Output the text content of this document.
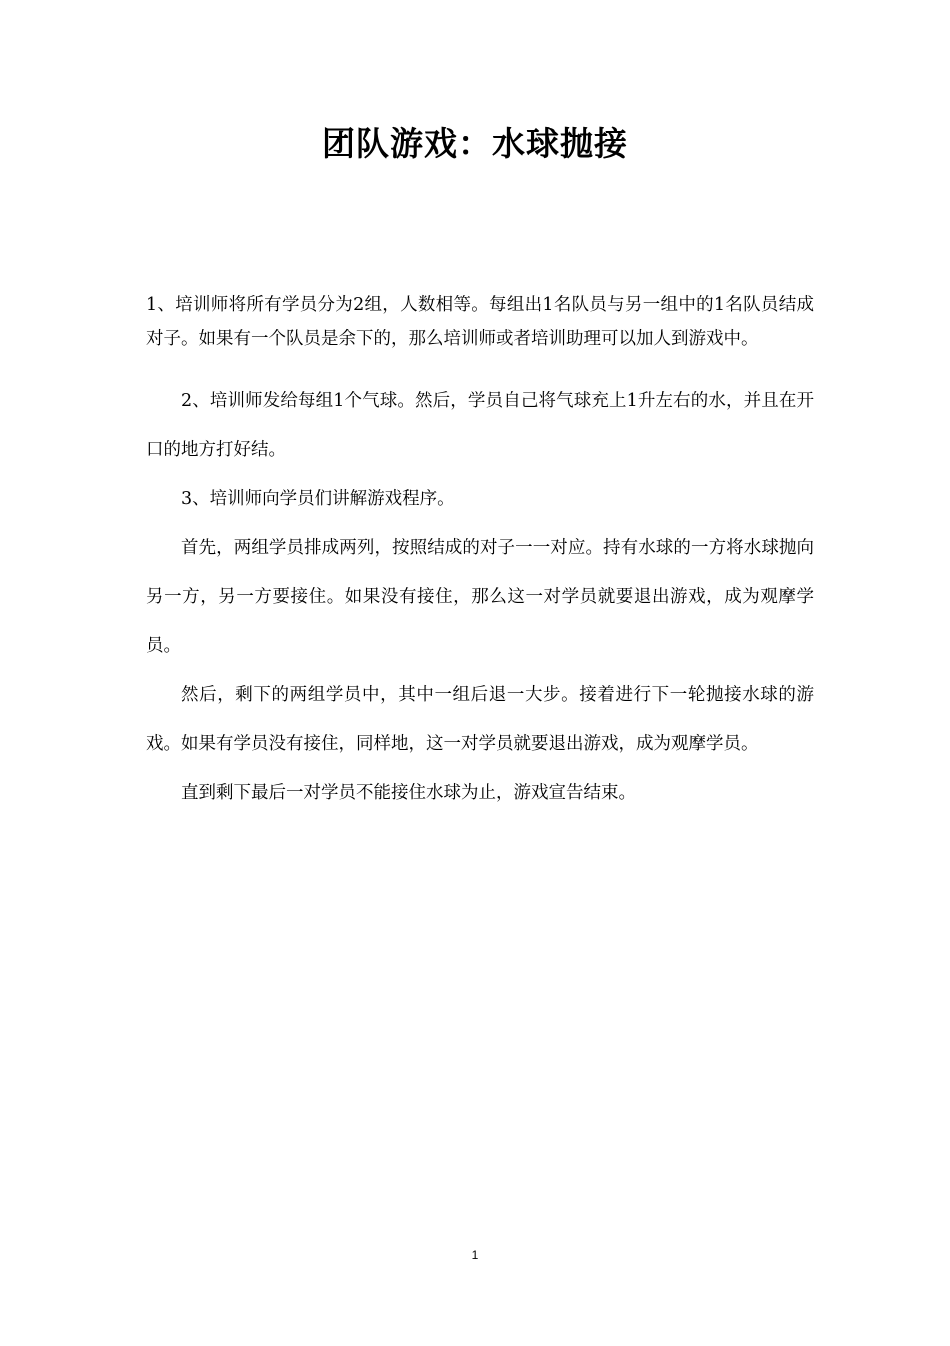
团队游戏：水球抛接

1、培训师将所有学员分为2组，人数相等。每组出1名队员与另一组中的1名队员结成对子。如果有一个队员是余下的，那么培训师或者培训助理可以加人到游戏中。

2、培训师发给每组1个气球。然后，学员自己将气球充上1升左右的水，并且在开口的地方打好结。

3、培训师向学员们讲解游戏程序。

首先，两组学员排成两列，按照结成的对子一一对应。持有水球的一方将水球抛向另一方，另一方要接住。如果没有接住，那么这一对学员就要退出游戏，成为观摩学员。

然后，剩下的两组学员中，其中一组后退一大步。接着进行下一轮抛接水球的游戏。如果有学员没有接住，同样地，这一对学员就要退出游戏，成为观摩学员。

直到剩下最后一对学员不能接住水球为止，游戏宣告结束。

1
